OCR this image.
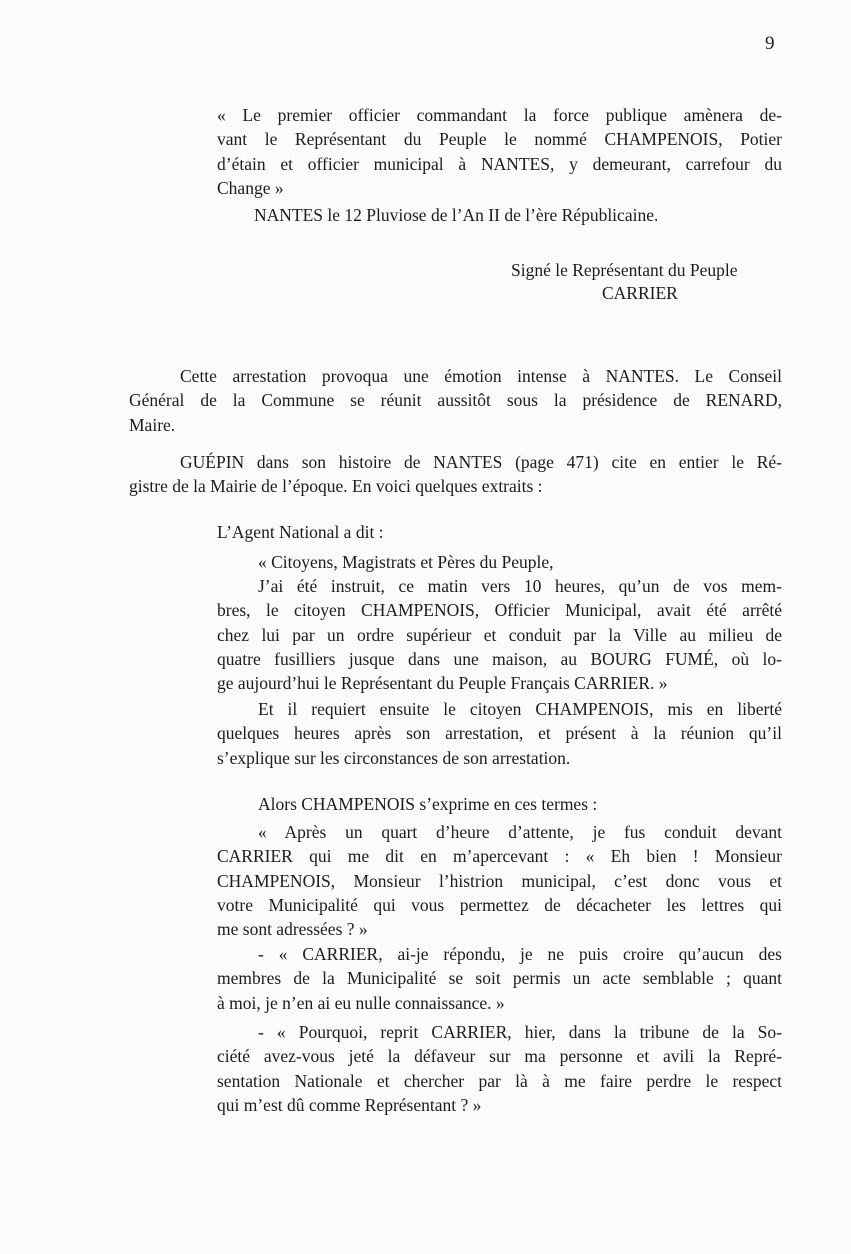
9
« Le premier officier commandant la force publique amènera de-
vant le Représentant du Peuple le nommé CHAMPENOIS, Potier
d’étain et officier municipal à NANTES, y demeurant, carrefour du
Change »
NANTES le 12 Pluviose de l’An II de l’ère Républicaine.
Signé le Représentant du Peuple
CARRIER
Cette arrestation provoqua une émotion intense à NANTES. Le Conseil
Général de la Commune se réunit aussitôt sous la présidence de RENARD,
Maire.
GUÉPIN dans son histoire de NANTES (page 471) cite en entier le Ré-
gistre de la Mairie de l’époque. En voici quelques extraits :
L’Agent National a dit :
« Citoyens, Magistrats et Pères du Peuple,
J’ai été instruit, ce matin vers 10 heures, qu’un de vos mem-
bres, le citoyen CHAMPENOIS, Officier Municipal, avait été arrêté
chez lui par un ordre supérieur et conduit par la Ville au milieu de
quatre fusilliers jusque dans une maison, au BOURG FUMÉ, où lo-
ge aujourd’hui le Représentant du Peuple Français CARRIER. »
Et il requiert ensuite le citoyen CHAMPENOIS, mis en liberté
quelques heures après son arrestation, et présent à la réunion qu’il
s’explique sur les circonstances de son arrestation.
Alors CHAMPENOIS s’exprime en ces termes :
« Après un quart d’heure d’attente, je fus conduit devant
CARRIER qui me dit en m’apercevant : « Eh bien ! Monsieur
CHAMPENOIS, Monsieur l’histrion municipal, c’est donc vous et
votre Municipalité qui vous permettez de décacheter les lettres qui
me sont adressées ? »
- « CARRIER, ai-je répondu, je ne puis croire qu’aucun des
membres de la Municipalité se soit permis un acte semblable ; quant
à moi, je n’en ai eu nulle connaissance. »
- « Pourquoi, reprit CARRIER, hier, dans la tribune de la So-
ciété avez-vous jeté la défaveur sur ma personne et avili la Repré-
sentation Nationale et chercher par là à me faire perdre le respect
qui m’est dû comme Représentant ? »
